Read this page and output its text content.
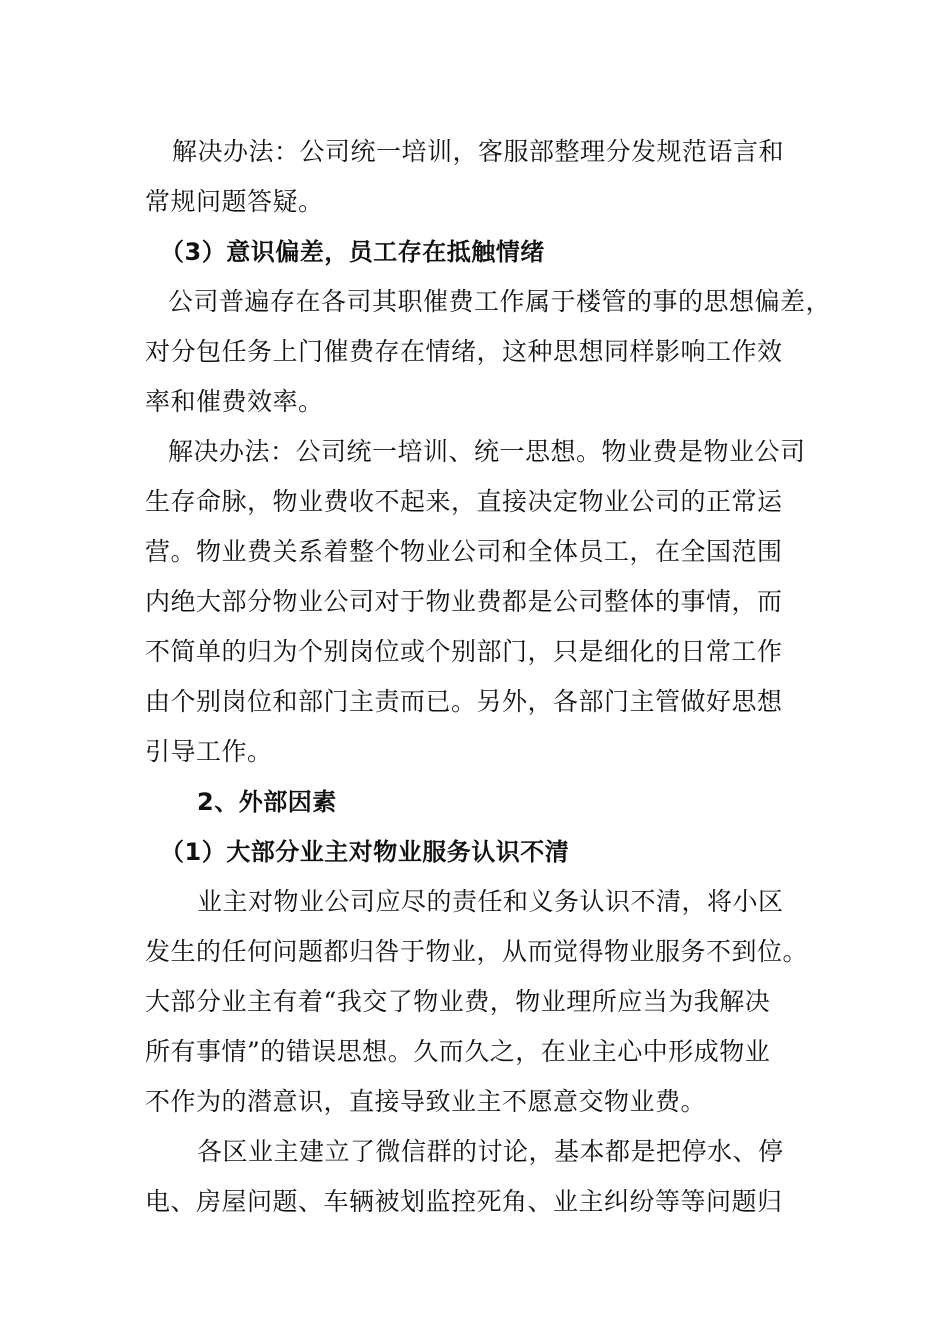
解决办法：公司统一培训，客服部整理分发规范语言和
常规问题答疑。
（3）意识偏差，员工存在抵触情绪
公司普遍存在各司其职催费工作属于楼管的事的思想偏差，
对分包任务上门催费存在情绪，这种思想同样影响工作效
率和催费效率。
解决办法：公司统一培训、统一思想。物业费是物业公司
生存命脉，物业费收不起来，直接决定物业公司的正常运
营。物业费关系着整个物业公司和全体员工，在全国范围
内绝大部分物业公司对于物业费都是公司整体的事情，而
不简单的归为个别岗位或个别部门，只是细化的日常工作
由个别岗位和部门主责而已。另外，各部门主管做好思想
引导工作。
2、外部因素
（1）大部分业主对物业服务认识不清
业主对物业公司应尽的责任和义务认识不清，将小区
发生的任何问题都归咎于物业，从而觉得物业服务不到位。
大部分业主有着“我交了物业费，物业理所应当为我解决
所有事情”的错误思想。久而久之，在业主心中形成物业
不作为的潜意识，直接导致业主不愿意交物业费。
各区业主建立了微信群的讨论，基本都是把停水、停
电、房屋问题、车辆被划监控死角、业主纠纷等等问题归
